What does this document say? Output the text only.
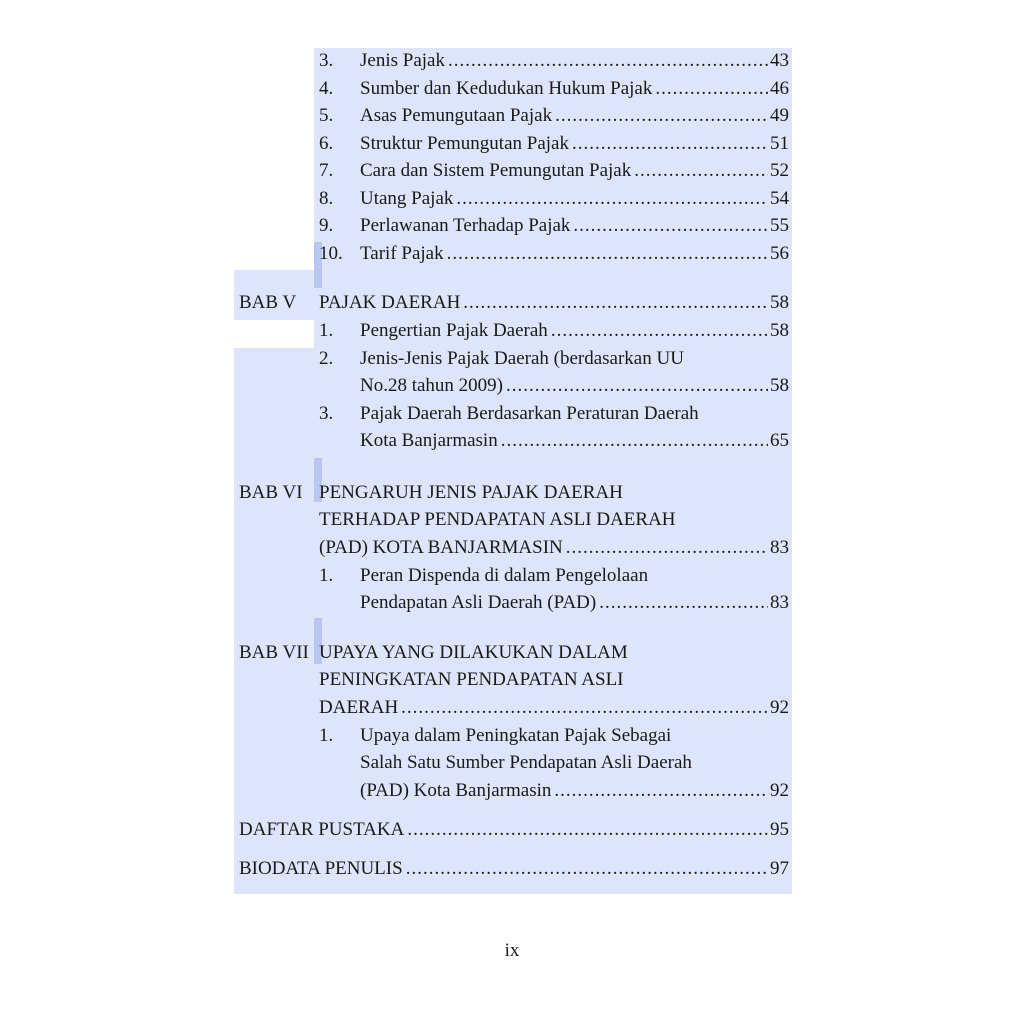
3. Jenis Pajak .....	43
4. Sumber dan Kedudukan Hukum Pajak .....	46
5. Asas Pemungutaan Pajak .....	49
6. Struktur Pemungutan Pajak .....	51
7. Cara dan Sistem Pemungutan Pajak .....	52
8. Utang Pajak .....	54
9. Perlawanan Terhadap Pajak .....	55
10. Tarif Pajak .....	56
BAB V PAJAK DAERAH .....	58
1. Pengertian Pajak Daerah .....	58
2. Jenis-Jenis Pajak Daerah (berdasarkan UU
No.28 tahun 2009) .....	58
3. Pajak Daerah Berdasarkan Peraturan Daerah
Kota Banjarmasin .....	65
BAB VI PENGARUH JENIS PAJAK DAERAH
TERHADAP PENDAPATAN ASLI DAERAH
(PAD) KOTA BANJARMASIN .....	83
1. Peran Dispenda di dalam Pengelolaan
Pendapatan Asli Daerah (PAD) .....	83
BAB VII UPAYA YANG DILAKUKAN DALAM
PENINGKATAN PENDAPATAN ASLI
DAERAH .....	92
1. Upaya dalam Peningkatan Pajak Sebagai
Salah Satu Sumber Pendapatan Asli Daerah
(PAD) Kota Banjarmasin .....	92
DAFTAR PUSTAKA .....	95
BIODATA PENULIS .....	97
ix
